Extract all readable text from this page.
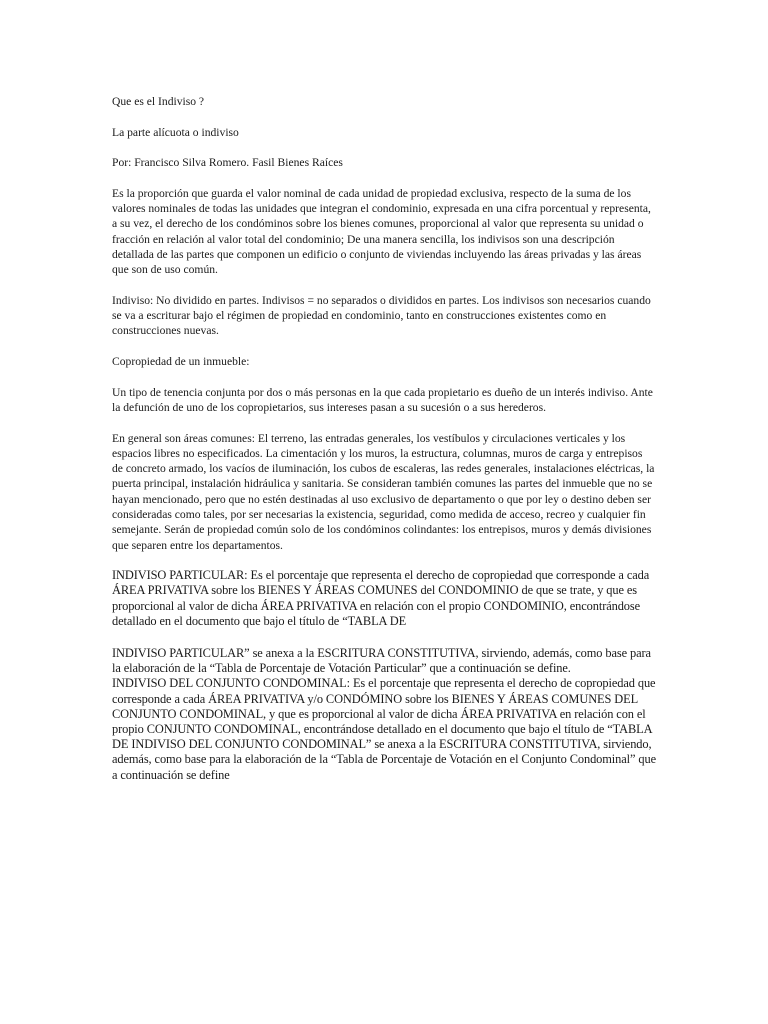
Que es el Indiviso ?

La parte alícuota o indiviso

Por: Francisco Silva Romero. Fasil Bienes Raíces

Es la proporción que guarda el valor nominal de cada unidad de propiedad exclusiva, respecto de la suma de los valores nominales de todas las unidades que integran el condominio, expresada en una cifra porcentual y representa, a su vez, el derecho de los condóminos sobre los bienes comunes, proporcional al valor que representa su unidad o fracción en relación al valor total del condominio; De una manera sencilla, los indivisos son una descripción detallada de las partes que componen un edificio o conjunto de viviendas incluyendo las áreas privadas y las áreas que son de uso común.

Indiviso: No dividido en partes. Indivisos = no separados o divididos en partes. Los indivisos son necesarios cuando se va a escriturar bajo el régimen de propiedad en condominio, tanto en construcciones existentes como en construcciones nuevas.

Copropiedad de un inmueble:

Un tipo de tenencia conjunta por dos o más personas en la que cada propietario es dueño de un interés indiviso. Ante la defunción de uno de los copropietarios, sus intereses pasan a su sucesión o a sus herederos.

En general son áreas comunes: El terreno, las entradas generales, los vestíbulos y circulaciones verticales y los espacios libres no especificados. La cimentación y los muros, la estructura, columnas, muros de carga y entrepisos de concreto armado, los vacíos de iluminación, los cubos de escaleras, las redes generales, instalaciones eléctricas, la puerta principal, instalación hidráulica y sanitaria. Se consideran también comunes las partes del inmueble que no se hayan mencionado, pero que no estén destinadas al uso exclusivo de departamento o que por ley o destino deben ser consideradas como tales, por ser necesarias la existencia, seguridad, como medida de acceso, recreo y cualquier fin semejante. Serán de propiedad común solo de los condóminos colindantes: los entrepisos, muros y demás divisiones que separen entre los departamentos.

INDIVISO PARTICULAR: Es el porcentaje que representa el derecho de copropiedad que corresponde a cada ÁREA PRIVATIVA sobre los BIENES Y ÁREAS COMUNES del CONDOMINIO de que se trate, y que es proporcional al valor de dicha ÁREA PRIVATIVA en relación con el propio CONDOMINIO, encontrándose detallado en el documento que bajo el título de “TABLA DE

INDIVISO PARTICULAR” se anexa a la ESCRITURA CONSTITUTIVA, sirviendo, además, como base para la elaboración de la “Tabla de Porcentaje de Votación Particular” que a continuación se define.

INDIVISO DEL CONJUNTO CONDOMINAL: Es el porcentaje que representa el derecho de copropiedad que corresponde a cada ÁREA PRIVATIVA y/o CONDÓMINO sobre los BIENES Y ÁREAS COMUNES DEL CONJUNTO CONDOMINAL, y que es proporcional al valor de dicha ÁREA PRIVATIVA en relación con el propio CONJUNTO CONDOMINAL, encontrándose detallado en el documento que bajo el título de “TABLA DE INDIVISO DEL CONJUNTO CONDOMINAL” se anexa a la ESCRITURA CONSTITUTIVA, sirviendo, además, como base para la elaboración de la “Tabla de Porcentaje de Votación en el Conjunto Condominal” que a continuación se define
